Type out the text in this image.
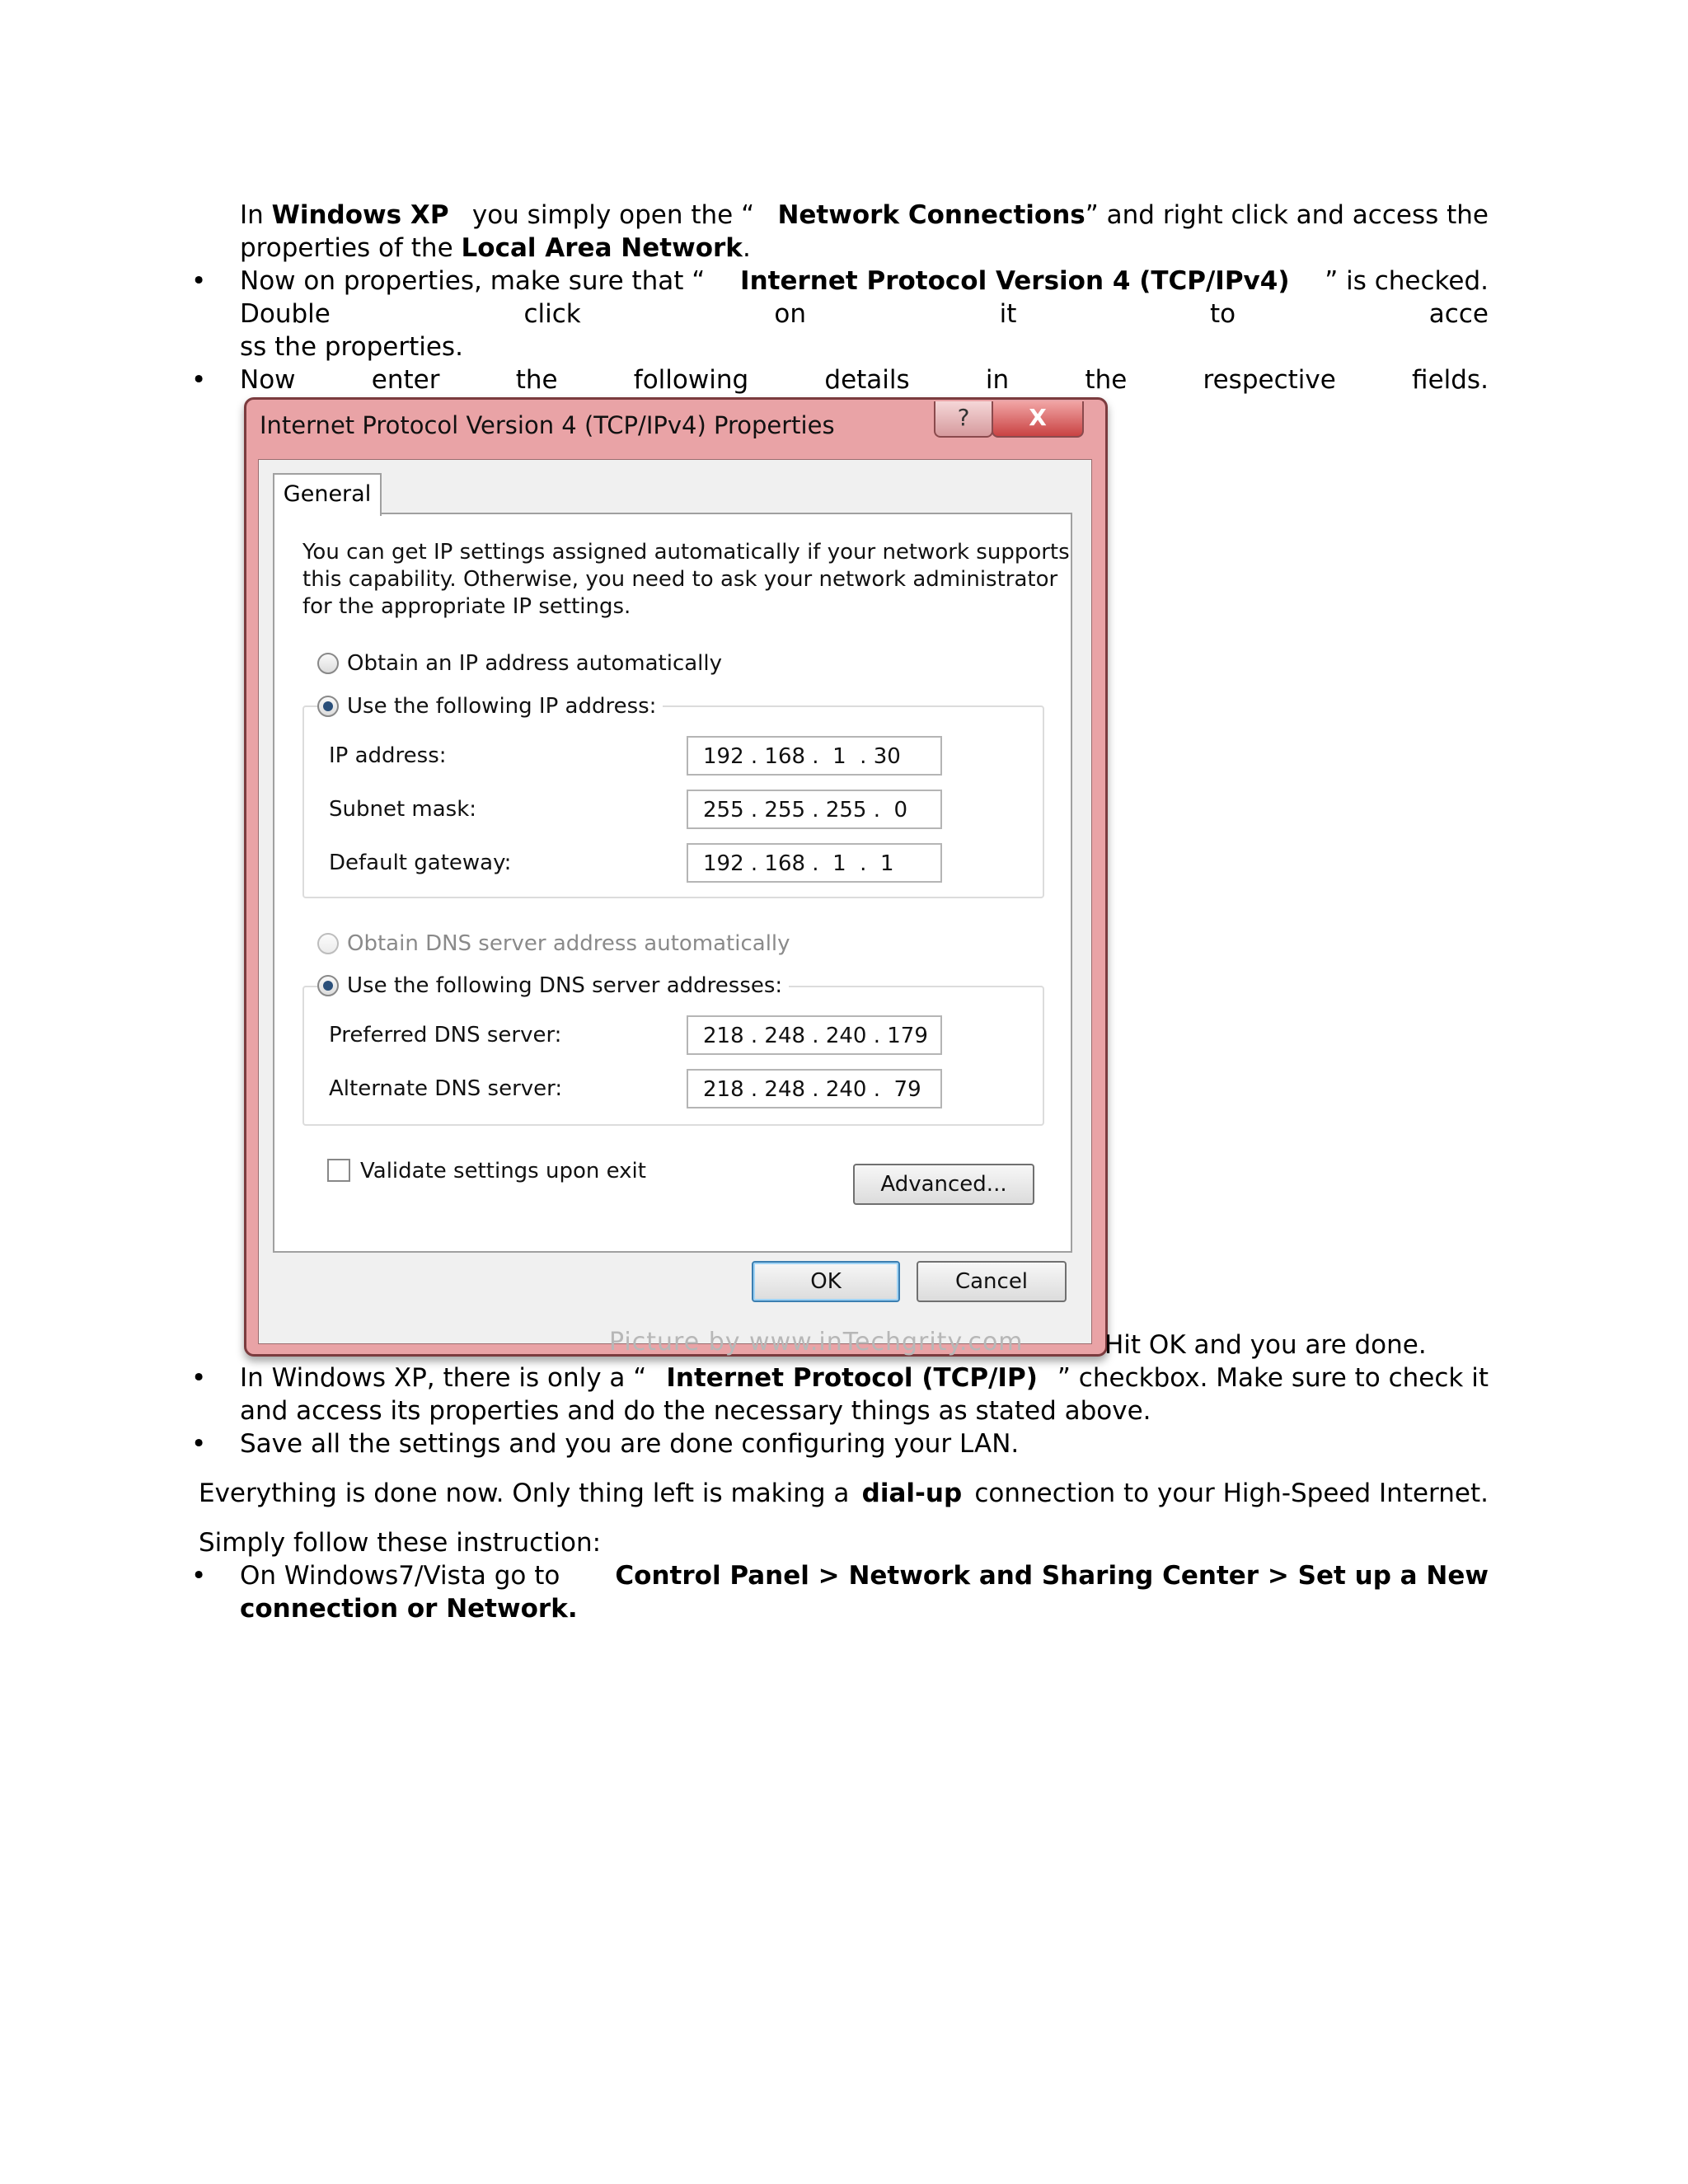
In Windows XP you simply open the “ Network Connections” and right click and access the
properties of the Local Area Network.
• Now on properties, make sure that “ Internet Protocol Version 4 (TCP/IPv4) ” is checked.
Double	click	on	it	to	acce
ss the properties.
• Now	enter	the	following	details	in	the	respective	fields.
Internet Protocol Version 4 (TCP/IPv4) Properties	?	X
General
You can get IP settings assigned automatically if your network supports
this capability. Otherwise, you need to ask your network administrator
for the appropriate IP settings.
Obtain an IP address automatically
Use the following IP address:
IP address:	192 . 168 .  1  . 30
Subnet mask:	255 . 255 . 255 .  0
Default gateway:	192 . 168 .  1  .  1
Obtain DNS server address automatically
Use the following DNS server addresses:
Preferred DNS server:	218 . 248 . 240 . 179
Alternate DNS server:	218 . 248 . 240 .  79
Validate settings upon exit
Advanced...
OK	Cancel
Picture by www.inTechgrity.com	Hit OK and you are done.
• In Windows XP, there is only a “ Internet Protocol (TCP/IP) ” checkbox. Make sure to check it
and access its properties and do the necessary things as stated above.
• Save all the settings and you are done configuring your LAN.
Everything is done now. Only thing left is making a dial-up connection to your High-Speed Internet.
Simply follow these instruction:
• On Windows7/Vista go to Control Panel > Network and Sharing Center > Set up a New
connection or Network.
